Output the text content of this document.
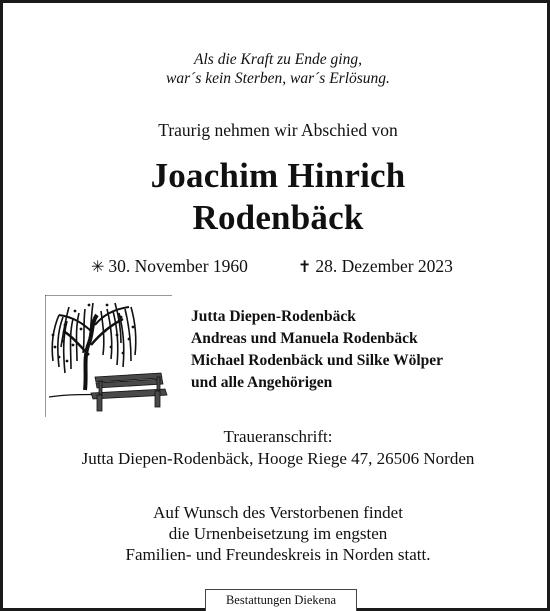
Als die Kraft zu Ende ging,
war´s kein Sterben, war´s Erlösung.
Traurig nehmen wir Abschied von
Joachim Hinrich
Rodenbäck
✳ 30. November 1960	✝ 28. Dezember 2023
Jutta Diepen-Rodenbäck
Andreas und Manuela Rodenbäck
Michael Rodenbäck und Silke Wölper
und alle Angehörigen
Traueranschrift:
Jutta Diepen-Rodenbäck, Hooge Riege 47, 26506 Norden
Auf Wunsch des Verstorbenen findet
die Urnenbeisetzung im engsten
Familien- und Freundeskreis in Norden statt.
Bestattungen Diekena
